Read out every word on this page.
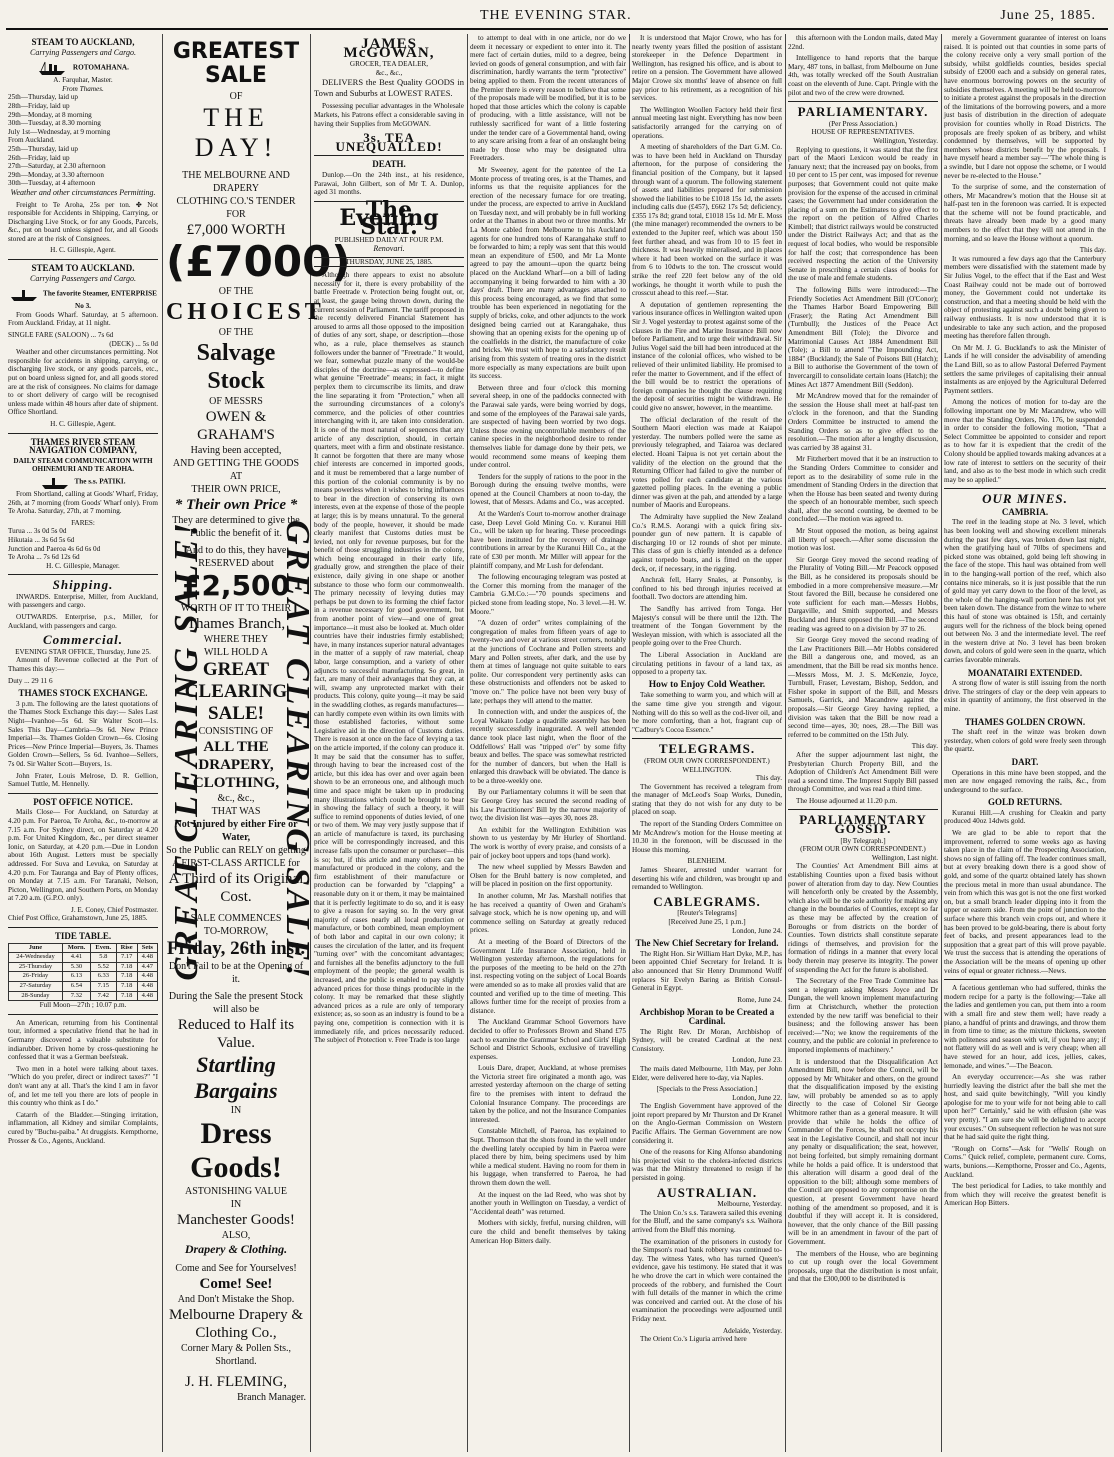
THE EVENING STAR.	June 25, 1885.
STEAM TO AUCKLAND,
Carrying Passengers and Cargo.
ROTOMAHANA.
A. Farquhar, Master.
From Thames.
25th—Thursday, laid up
28th—Friday, laid up
29th—Monday, at 8 morning
30th—Tuesday, at 8.30 morning
July 1st—Wednesday, at 9 morning
From Auckland.
25th—Thursday, laid up
26th—Friday, laid up
27th—Saturday, at 2.30 afternoon
29th—Monday, at 3.30 afternoon
30th—Tuesday, at 4 afternoon
Weather and other circumstances Permitting.

Freight to Te Aroha, 25s per ton. ✤ Not responsible for Accidents in Shipping, Carrying, or Discharging Live Stock, or for any Goods, Parcels, &c., put on board unless signed for, and all Goods stored are at the risk of Consignees.

H. C. Gillespie, Agent.
STEAM TO AUCKLAND.
Carrying Passengers and Cargo.
The favorite Steamer, ENTERPRISE No 3.

From Goods Wharf. Saturday, at 5 afternoon. From Auckland. Friday, at 11 night.

SINGLE FARE (SALOON) ... 7s 6d
(DECK) ... 5s 0d

Weather and other circumstances permitting. Not responsible for accidents in shipping, carrying, or discharging live stock, or any goods parcels, etc., put on board unless signed for, and all goods stored are at the risk of consignees. No claims for damage to or short delivery of cargo will be recognised unless made within 48 hours after date of shipment. Office Shortland.

H. C. Gillespie, Agent.
THAMES RIVER STEAM NAVIGATION COMPANY,
DAILY STEAM COMMUNICATION WITH OHINEMURI AND TE AROHA.
The s.s. PATIKI.

From Shortland, calling at Goods' Wharf, Friday, 26th, at 7 morning (from Goods' Wharf only). From Te Aroha. Saturday, 27th, at 7 morning.

FARES:
Turua ... 3s 0d 5s 0d
Hikutaia ... 3s 6d 5s 6d
Junction and Paeroa 4s 6d 6s 0d
Te Aroha ... 7s 6d 12s 6d
H. C. Gillespie, Manager.
Shipping.

INWARDS. Enterprise, Miller, from Auckland, with passengers and cargo.

OUTWARDS. Enterprise, p.s., Miller, for Auckland, with passengers and cargo.

Commercial.
EVENING STAR OFFICE, Thursday, June 25.

Amount of Revenue collected at the Port of Thames this day:—

Duty ... 29 11 6
THAMES STOCK EXCHANGE.

3 p.m. The following are the latest quotations of the Thames Stock Exchange this day:— Sales Last Night—Ivanhoe—5s 6d. Sir Walter Scott—1s. Sales This Day—Cambria—9s 6d. New Prince Imperial—3s. Thames Golden Crown—6s. Closing Prices—New Prince Imperial—Buyers, 3s. Thames Golden Crown—Sellers, 5s 6d. Ivanhoe—Sellers, 7s 0d. Sir Walter Scott—Buyers, 1s.

John Frater, Louis Melrose, D. R. Gellion, Samuel Tuttle, M. Hennelly.

POST OFFICE NOTICE.

Mails Close— For Auckland, on Saturday at 4.20 p.m. For Paeroa, Te Aroha, &c., to-morrow at 7.15 a.m. For Sydney direct, on Saturday at 4.20 p.m. For United Kingdom, &c., per direct steamer Ionic, on Saturday, at 4.20 p.m.—Due in London about 16th August. Letters must be specially addressed. For Suva and Levuka, on Saturday at 4.20 p.m. For Tauranga and Bay of Plenty offices, on Monday at 7.15 a.m. For Taranaki, Nelson, Picton, Wellington, and Southern Ports, on Monday at 7.20 a.m. (G.P.O. only).

J. E. Coney, Chief Postmaster.
Chief Post Office, Grahamstown, June 25, 1885.
TIDE TABLE.
June	Morn.	Even.	Rise	Sets
24-Wednesday	4.41	5.8	7.17	4.48
25-Thursday	5.30	5.52	7.18	4.47
26-Friday	6.13	6.33	7.18	4.48
27-Saturday	6.54	7.15	7.18	4.48
28-Sunday	7.32	7.42	7.18	4.48
Full Moon—27th ; 10.07 p.m.

An American, returning from his Continental tour, informed a speculative friend that he had in Germany discovered a valuable substitute for indiarubber. Driven home by cross-questioning he confessed that it was a German beefsteak.

Two men in a hotel were talking about taxes. "Which do you prefer, direct or indirect taxes?" "I don't want any at all. That's the kind I am in favor of, and let me tell you there are lots of people in this country who think as I do."

Catarrh of the Bladder.—Stinging irritation, inflammation, all Kidney and similar Complaints, cured by "Buchu-paiba." At druggists. Kempthorne, Prosser & Co., Agents, Auckland.

GREATEST SALE
OF
THE DAY!
THE MELBOURNE AND DRAPERY
CLOTHING CO.'S TENDER
FOR
£7,000 WORTH
(£7000)
OF THE
CHOICEST
OF THE
Salvage Stock
OF MESSRS
OWEN & GRAHAM'S
Having been accepted,
AND GETTING THE GOODS AT
THEIR OWN PRICE,
* Their own Price *
They are determined to give the Public the benefit of it.
And to do this, they have RESERVED about
£2,500
WORTH OF IT TO THEIR
Thames Branch,
WHERE THEY
WILL HOLD A
GREAT
CLEARING
SALE!
CONSISTING OF
ALL THE DRAPERY,
CLOTHING,
&c., &c.,
THAT WAS
Not Injured by either Fire or Water,
So the Public can RELY on getting A FIRST-CLASS ARTICLE for
A Third of its Original Cost.
SALE COMMENCES
TO-MORROW,
Friday, 26th inst.
Don't Fail to be at the Opening of it.
During the Sale the present Stock will also be
Reduced to Half its Value.
Startling
Bargains
IN
Dress Goods!
ASTONISHING VALUE
IN
Manchester Goods!
ALSO,
Drapery & Clothing.
Come and See for Yourselves!
Come! See!
And Don't Mistake the Shop.
Melbourne Drapery & Clothing Co.,
Corner Mary & Pollen Sts., Shortland.
J. H. FLEMING,
Branch Manager.
GREAT CLEARING SALE! GREAT CLEARING SALE!
JAMES McGOWAN,
GROCER, TEA DEALER,
&c., &c.,

DELIVERS the Best Quality GOODS in Town and Suburbs at LOWEST RATES.

Possessing peculiar advantages in the Wholesale Markets, his Patrons effect a considerable saving in having their Supplies from McGOWAN.

3s. TEA UNEQUALLED!
DEATH.

Dunlop.—On the 24th inst., at his residence, Parawai, John Gilbert, son of Mr T. A. Dunlop, aged 31 months.

The Evening Star.
PUBLISHED DAILY AT FOUR P.M.
Renovari.
THURSDAY, JUNE 25, 1885.

Although there appears to exist no absolute necessity for it, there is every probability of the battle Freetrade v. Protection being fought out, or, at least, the gauge being thrown down, during the current session of Parliament. The tariff proposed in the recently delivered Financial Statement has aroused to arms all those opposed to the imposition of duties of any sort, shape, or description—those who, as a rule, place themselves as staunch followers under the banner of "Freetrade." It would, we fear, somewhat puzzle many of the would-be disciples of the doctrine—as expressed—to define what genuine "Freetrade" means; in fact, it might perplex them to circumscribe its limits, and draw the line separating it from "Protection," when all the surrounding circumstances of a colony's commerce, and the policies of other countries interchanging with it, are taken into consideration. It is one of the most natural of sequences that any article of any description, should, in certain quarters, meet with a firm and obstinate resistance. It cannot be forgotten that there are many whose chief interests are concerned in imported goods, and it must be remembered that a large number of this portion of the colonial community is by no means powerless when it wishes to bring influences to bear in the direction of conserving its own interests, even at the expense of those of the people at large; this is by means unnatural. To the general body of the people, however, it should be made clearly manifest that Customs duties must be levied, not only for revenue purposes, but for the benefit of those struggling industries in the colony, which being encouraged in their early life, gradually grow, and strengthen the place of their existence, daily giving in one shape or another substance to those who form our commonwealth. The primary necessity of levying duties may perhaps be put down to its forming the chief factor in a revenue necessary for good government, but from another point of view—and one of great importance—it must also be looked at. Much older countries have their industries firmly established; have, in many instances superior natural advantages in the matter of a supply of raw material, cheap labor, large consumption, and a variety of other adjuncts to successful manufacturing. So great, in fact, are many of their advantages that they can, at will, swamp any unprotected market with their products. This colony, quite young—it may be said in the swaddling clothes, as regards manufactures—can hardly compete even within its own limits with those established factories, without some Legislative aid in the direction of Customs duties. There is reason at once on the face of levying a tax on the article imported, if the colony can produce it. It may be said that the consumer has to suffer, through having to bear the increased cost of the article, but this idea has over and over again been shown to be an erroneous one, and although much time and space might be taken up in producing many illustrations which could be brought to bear in showing the fallacy of such a theory, it will suffice to remind opponents of duties levied, of one or two of them. We may very justly suppose that if an article of manufacture is taxed, its purchasing price will be correspondingly increased, and this increase falls upon the consumer or purchaser—this is so; but, if this article and many others can be manufactured or produced in the colony, and the firm establishment of their manufacture or production can be forwarded by "clapping" a reasonable duty on it or them, it may be maintained that it is perfectly legitimate to do so, and it is easy to give a reason for saying so. In the very great majority of cases nearly all local production or manufacture, or both combined, mean employment of both labor and capital in our own colony; it causes the circulation of the latter, and its frequent "turning over" with the concomitant advantages; and furnishes all the benefits adjunctory to the full employment of the people; the general wealth is increased, and the public is enabled to pay slightly advanced prices for those things producible in the colony. It may be remarked that these slightly advanced prices as a rule are only of temporary existence; as, so soon as an industry is found to be a paying one, competition is connection with it is immediately rife, and prices necessarily reduced. The subject of Protection v. Free Trade is too large

to attempt to deal with in one article, nor do we deem it necessary or expedient to enter into it. The mere fact of certain duties, mild to a degree, being levied on goods of general consumption, and with fair discrimination, hardly warrants the term "protective" being applied to them. From the recent utterances of the Premier there is every reason to believe that some of the proposals made will be modified, but it is to be hoped that those articles which the colony is capable of producing, with a little assistance, will not be ruthlessly sacrificed for want of a little fostering under the tender care of a Governmental hand, owing to any scare arising from a fear of an onslaught being made by those who may be designated ultra Freetraders.

Mr Sweeney, agent for the patentee of the La Monte process of treating ores, is at the Thames, and informs us that the requisite appliances for the erection of the necessary furnace for ore treating, under the process, are expected to arrive in Auckland on Tuesday next, and will probably be in full working order at the Thames in about two or three months. Mr La Monte cabled from Melbourne to his Auckland agents for one hundred tons of Karangahake stuff to be forwarded to him; a reply was sent that this would mean an expenditure of £500, and Mr La Monte agreed to pay the amount—upon the quartz being placed on the Auckland Wharf—on a bill of lading accompanying it being forwarded to him with a 30 days' draft. There are many advantages attached to this process being encouraged, as we find that some trouble has been experienced in negotiating for the supply of bricks, coke, and other adjuncts to the work designed being carried out at Karangahake, thus showing that an opening exists for the opening up of the coalfields in the district, the manufacture of coke and bricks. We trust with hope to a satisfactory result arising from this system of treating ores in the district more especially as many expectations are built upon its success.

Between three and four o'clock this morning several sheep, in one of the paddocks connected with the Parawai sale yards, were being worried by dogs, and some of the employees of the Parawai sale yards, are suspected of having been worried by two dogs. Unless those owning uncontrollable members of the canine species in the neighborhood desire to render themselves liable for damage done by their pets, we would recommend some means of keeping them under control.

Tenders for the supply of rations to the poor in the Borough during the ensuing twelve months, were opened at the Council Chambers at noon to-day, the lowest, that of Messrs. Adams and Co., was accepted.

At the Warden's Court to-morrow another drainage case, Deep Level Gold Mining Co. v. Kuranui Hill Co., will be taken up for hearing. These proceedings have been instituted for the recovery of drainage contributions in arrear by the Kuranui Hill Co., at the rate of £30 per month. Mr Miller will appear for the plaintiff company, and Mr Lush for defendant.

The following encouraging telegram was posted at the Corner this morning from the manager of the Cambria G.M.Co.:—"70 pounds specimens and picked stone from leading stope, No. 3 level.—H. W. Moore."

"A dozen of order" writes complaining of the congregation of males from fifteen years of age to twenty-two and over at various street corners, notably at the junctions of Cochrane and Pollen streets and Mary and Pollen streets, after dark, and the use by them at times of language not quite suitable to ears polite. Our correspondent very pertinently asks can these obstructionists and offenders not be asked to "move on." The police have not been very busy of late; perhaps they will attend to the matter.

In connection with, and under the auspices of, the Loyal Waikato Lodge a quadrille assembly has been recently successfully inaugurated. A well attended dance took place last night, when the floor of the Oddfellows' Hall was "tripped o'er" by some fifty beaux and belles. The space was somewhat restricted for the number of dancers, but when the Hall is enlarged this drawback will be obviated. The dance is to be a three-weekly one.

By our Parliamentary columns it will be seen that Sir George Grey has secured the second reading of his Law Practitioners' Bill by the narrow majority of two; the division list was—ayes 30, noes 28.

An exhibit for the Wellington Exhibition was shown to us yesterday by Mr Hurley of Shortland. The work is worthy of every praise, and consists of a pair of jockey boot uppers and tops (hand work).

The new wheel supplied by Messrs Bawden and Olsen for the Bruhl battery is now completed, and will be placed in position on the first opportunity.

In another column, Mr Jas. Marshall notifies that he has received a quantity of Owen and Graham's salvage stock, which he is now opening up, and will commence selling on Saturday at greatly reduced prices.

At a meeting of the Board of Directors of the Government Life Insurance Association, held in Wellington yesterday afternoon, the regulations for the purposes of the meeting to be held on the 27th inst. respecting voting on the subject of Local Boards were amended so as to make all proxies valid that are counted and verified up to the time of meeting. This allows further time for the receipt of proxies from a distance.

The Auckland Grammar School Governors have decided to offer to Professors Brown and Shand £75 each to examine the Grammar School and Girls' High School and District Schools, exclusive of travelling expenses.

Louis Dare, draper, Auckland, at whose premises the Victoria street fire originated a month ago, was arrested yesterday afternoon on the charge of setting fire to the premises with intent to defraud the Colonial Insurance Company. The proceedings are taken by the police, and not the Insurance Companies interested.

Constable Mitchell, of Paeroa, has explained to Supt. Thomson that the shots found in the well under the dwelling lately occupied by him in Paeroa were placed there by him, being specimens used by him while a medical student. Having no room for them in his luggage, when transferred to Paeroa, he had thrown them down the well.

At the inquest on the lad Reed, who was shot by another youth in Wellington on Tuesday, a verdict of "Accidental death" was returned.

Mothers with sickly, fretful, nursing children, will cure the child and benefit themselves by taking American Hop Bitters daily.

It is understood that Major Crowe, who has for nearly twenty years filled the position of assistant storekeeper in the Defence Department in Wellington, has resigned his office, and is about to retire on a pension. The Government have allowed Major Crowe six months' leave of absence on full pay prior to his retirement, as a recognition of his services.

The Wellington Woollen Factory held their first annual meeting last night. Everything has now been satisfactorily arranged for the carrying on of operations.

A meeting of shareholders of the Dart G.M. Co. was to have been held in Auckland on Thursday afternoon, for the purpose of considering the financial position of the Company, but it lapsed through want of a quorum. The following statement of assets and liabilities prepared for submission showed the liabilities to be £1018 15s 1d, the assets including calls due (£457), £662 17s 5d; deficiency, £355 17s 8d; grand total, £1018 15s 1d. Mr E. Moss (the mine manager) recommended the owners to be extended to the Jupiter reef, which was about 150 feet further ahead, and was from 10 to 15 feet in thickness. It was heavily mineralised, and in places where it had been worked on the surface it was from 6 to 10dwts to the ton. The crosscut would strike the reef 220 feet below any of the old workings, he thought it worth while to push the crosscut ahead to this reef.—Star.

A deputation of gentlemen representing the various insurance offices in Wellington waited upon Sir J. Vogel yesterday to protest against some of the clauses in the Fire and Marine Insurance Bill now before Parliament, and to urge their withdrawal. Sir Julius Vogel said the bill had been introduced at the instance of the colonial offices, who wished to be relieved of their unlimited liability. He promised to refer the matter to Government, and if the effect of the bill would be to restrict the operations of foreign companies he thought the clause requiring the deposit of securities might be withdrawn. He could give no answer, however, in the meantime.

The official declaration of the result of the Southern Maori election was made at Kaiapoi yesterday. The numbers polled were the same as previously telegraphed, and Taiaroa was declared elected. Hoani Taipua is not yet certain about the validity of the election on the ground that the Returning Officer had failed to give the number of votes polled for each candidate at the various gazetted polling places. In the evening a public dinner was given at the pah, and attended by a large number of Maoris and Europeans.

The Admiralty have supplied the New Zealand Co.'s R.M.S. Aorangi with a quick firing six-pounder gun of new pattern. It is capable of discharging 10 or 12 rounds of shot per minute. This class of gun is chiefly intended as a defence against torpedo boats, and is fitted on the upper deck, or, if necessary, in the rigging.

Anchrak fell, Harry Snales, at Ponsonby, is confined to his bed through injuries received at football. Two doctors are attending him.

The Sandfly has arrived from Tonga. Her Majesty's consul will be there until the 12th. The treatment of the Tongan Government by the Wesleyan mission, with which is associated all the people going over to the Free Church.

The Liberal Association in Auckland are circulating petitions in favour of a land tax, as opposed to a property tax.

How to Enjoy Cold Weather.

Take something to warm you, and which will at the same time give you strength and vigour. Nothing will do this so well as the cod-liver oil, and be more comforting, than a hot, fragrant cup of "Cadbury's Cocoa Essence."

TELEGRAMS.
(FROM OUR OWN CORRESPONDENT.)
WELLINGTON.
This day.

The Government has received a telegram from the manager of McLeod's Soap Works, Dunedin, stating that they do not wish for any duty to be placed on soap.

The report of the Standing Orders Committee on Mr McAndrew's motion for the House meeting at 10.30 in the forenoon, will be discussed in the House this morning.

BLENHEIM.

James Shearer, arrested under warrant for deserting his wife and children, was brought up and remanded to Wellington.

CABLEGRAMS.
[Reuter's Telegrams]
[Received June 25, 1 p.m.]
London, June 24.
The New Chief Secretary for Ireland.

The Right Hon. Sir William Hart Dyke, M.P., has been appointed Chief Secretary for Ireland. It is also announced that Sir Henry Drummond Wolff replaces Sir Evelyn Baring as British Consul-General in Egypt.

Rome, June 24.
Archbishop Moran to be Created a Cardinal.

The Right Rev. Dr Moran, Archbishop of Sydney, will be created Cardinal at the next Consistory.

London, June 23.

The mails dated Melbourne, 11th May, per John Elder, were delivered here to-day, via Naples.

[Specials to the Press Association.]
London, June 22.

The English Government have approved of the joint report prepared by Mr Thurston and Dr Kranel on the Anglo-German Commission on Western Pacific Affairs. The German Government are now considering it.

One of the reasons for King Alfonso abandoning his projected visit to the cholera-infected districts was that the Ministry threatened to resign if he persisted in going.

AUSTRALIAN.
Melbourne, Yesterday.

The Union Co.'s s.s. Tarawera sailed this evening for the Bluff, and the same company's s.s. Waihora arrived from the Bluff this morning.

The examination of the prisoners in custody for the Simpson's road bank robbery was continued to-day. The witness Yates, who has turned Queen's evidence, gave his testimony. He stated that it was he who drove the cart in which were contained the proceeds of the robbery, and furnished the Court with full details of the manner in which the crime was conceived and carried out. At the close of his examination the proceedings were adjourned until Friday next.

Adelaide, Yesterday.

The Orient Co.'s Liguria arrived here

this afternoon with the London mails, dated May 22nd.

Intelligence to hand reports that the barque Mary, 487 tons, in ballast, from Melbourne on June 4th, was totally wrecked off the South Australian coast on the eleventh of June. Capt. Pringle with the pilot and two of the crew were drowned.

PARLIAMENTARY.
(Per Press Association.)
HOUSE OF REPRESENTATIVES.
Wellington, Yesterday.

Replying to questions, it was stated that the first part of the Maori Lexicon would be ready in January next; that the increased pay on books, from 10 per cent to 15 per cent, was imposed for revenue purposes; that Government could not quite make provision for the expense of the accused in criminal cases; the Government had under consideration the placing of a sum on the Estimates to give effect to the report on the petition of Alfred Charles Kimbell; that district railways would be constructed under the District Railways Act; and that as the request of local bodies, who would be responsible for half the cost; that correspondence has been received respecting the action of the University Senate in prescribing a certain class of books for the use of male and female students.

The following Bills were introduced:—The Friendly Societies Act Amendment Bill (O'Conor); the Thames Harbor Board Empowering Bill (Fraser); the Rating Act Amendment Bill (Turnbull); the Justices of the Peace Act Amendment Bill (Tole); the Divorce and Matrimonial Causes Act 1884 Amendment Bill (Tole); a Bill to amend "The Impounding Act, 1884" (Buckland); the Sale of Poisons Bill (Hatch); a Bill to authorise the Government of the town of Invercargill to consolidate certain loans (Hatch); the Mines Act 1877 Amendment Bill (Seddon).

Mr McAndrew moved that for the remainder of the session the House shall meet at half-past ten o'clock in the forenoon, and that the Standing Orders Committee be instructed to amend the Standing Orders so as to give effect to the resolution.—The motion after a lengthy discussion, was carried by 38 against 31.

Mr Fitzherbert moved that it be an instruction to the Standing Orders Committee to consider and report as to the desirability of some rule in the amendment of Standing Orders in the direction that when the House has been seated and twenty during the speech of an honourable member, such speech shall, after the second counting, be deemed to be concluded.—The motion was agreed to.

Mr Stout opposed the motion, as being against all liberty of speech.—After some discussion the motion was lost.

Sir George Grey moved the second reading of the Plurality of Voting Bill.—Mr Peacock opposed the Bill, as he considered its proposals should be embodied in a more comprehensive measure.—Mr Stout favored the Bill, because he considered one vote sufficient for each man.—Messrs Hobbs, Dargaville, and Smith supported, and Messrs Buckland and Hurst opposed the Bill.—The second reading was agreed to on a division by 37 to 26.

Sir George Grey moved the second reading of the Law Practitioners Bill.—Mr Hobbs considered the Bill a dangerous one, and moved, as an amendment, that the Bill be read six months hence.—Messrs Moss, M. J. S. McKenzie, Joyce, Turnbull, Fraser, Levestam, Bishop, Seddon, and Fisher spoke in support of the Bill, and Messrs Samuels, Garrick, and Macandrew against the proposals.—Sir George Grey having replied, a division was taken that the Bill be now read a second time—ayes, 30; noes, 28.—The Bill was referred to be committed on the 15th July.

This day.

After the supper adjournment last night, the Presbyterian Church Property Bill, and the Adoption of Children's Act Amendment Bill were read a second time. The Imprest Supply Bill passed through Committee, and was read a third time.

The House adjourned at 11.20 p.m.

PARLIAMENTARY GOSSIP.
[By Telegraph.]
(FROM OUR OWN CORRESPONDENT.)
Wellington, Last night.

The Counties' Act Amendment Bill aims at establishing Counties upon a fixed basis without power of alteration from day to day. New Counties will henceforth only be created by the Assembly, which also will be the sole authority for making any change in the boundaries of Counties, except so far as these may be affected by the creation of Boroughs or from districts on the border of Counties. Town districts shall constitute separate ridings of themselves, and provision for the formation of ridings in a manner that every local body therein may preserve its integrity. The power of suspending the Act for the future is abolished.

The Secretary of the Free Trade Committee has sent a telegram asking Messrs Joyce and Dr Dungan, the well known implement manufacturing firm at Christchurch, whether the protection extended by the new tariff was beneficial to their business; and the following answer has been received:—"No; we know the requirements of the country, and the public are colonial in preference to imported implements of machinery."

It is understood that the Disqualification Act Amendment Bill, now before the Council, will be opposed by Mr Whitaker and others, on the ground that the disqualification imposed by the existing law, will probably be amended so as to apply directly to the case of Colonel Sir George Whitmore rather than as a general measure. It will provide that while he holds the office of Commander of the Forces, he shall not occupy his seat in the Legislative Council, and shall not incur any penalty or disqualification; the seat, however, not being forfeited, but simply remaining dormant while he holds a paid office. It is understood that this alteration will disarm a good deal of the opposition to the bill; although some members of the Council are opposed to any compromise on the question, at present Government have heard nothing of the amendment so proposed, and it is doubtful if they will accept it. It is considered, however, that the only chance of the Bill passing will be in an amendment in favour of the part of Government.

The members of the House, who are beginning to cut up rough over the local Government proposals, urge that the distribution is most unfair, and that the £300,000 to be distributed is

merely a Government guarantee of interest on loans raised. It is pointed out that counties in some parts of the colony receive only a very small portion of the subsidy, whilst goldfields counties, besides special subsidy of £2000 each and a subsidy on general rates, have enormous borrowing powers on the security of subsidies themselves. A meeting will be held to-morrow to initiate a protest against the proposals in the direction of the limitations of the borrowing powers, and a more just basis of distribution in the direction of adequate provision for counties wholly in Road Districts. The proposals are freely spoken of as bribery, and whilst condemned by themselves, will be supported by members whose districts benefit by the proposals. I have myself heard a member say—"The whole thing is a swindle, but I dare not oppose the scheme, or I would never be re-elected to the House."

To the surprise of some, and the consternation of others, Mr Macandrew's motion that the House sit at half-past ten in the forenoon was carried. It is expected that the scheme will not be found practicable, and threats have already been made by a good many members to the effect that they will not attend in the morning, and so leave the House without a quorum.

This day.

It was rumoured a few days ago that the Canterbury members were dissatisfied with the statement made by Sir Julius Vogel, to the effect that if the East and West Coast Railway could not be made out of borrowed money, the Government could not undertake its construction, and that a meeting should be held with the object of protesting against such a doubt being given to railway enthusiasts. It is now understood that it is undesirable to take any such action, and the proposed meeting has therefore fallen through.

On Mr M. J. G. Buckland's to ask the Minister of Lands if he will consider the advisability of amending the Land Bill, so as to allow Pastoral Deferred Payment settlers the same privileges of capitalising their annual instalments as are enjoyed by the Agricultural Deferred Payment settlers.

Among the notices of motion for to-day are the following important one by Mr Macandrew, who will move that the Standing Orders, No. 176, be suspended in order to consider the following motion, "That a Select Committee be appointed to consider and report as to how far it is expedient that the credit of the Colony should be applied towards making advances at a low rate of interest to settlers on the security of their land, and also as to the best mode in which such credit may be so applied."

OUR MINES.
CAMBRIA.

The reef in the leading stope at No. 3 level, which has been looking well and showing excellent minerals during the past few days, was broken down last night, when the gratifying haul of 70lbs of specimens and picked stone was obtained, gold being left showing in the face of the stope. This haul was obtained from well in to the hanging-wall portion of the reef, which also contains nice minerals, so it is just possible that the run of gold may yet carry down to the floor of the level, as the whole of the hanging-wall portion here has not yet been taken down. The distance from the winze to where this haul of stone was obtained is 15ft, and certainly augurs well for the richness of the block being opened out between No. 3 and the intermediate level. The reef in the western drive at No. 3 level has been broken down, and colors of gold were seen in the quartz, which carries favorable minerals.

MOANATAIRI EXTENDED.

A strong flow of water is still issuing from the north drive. The stringers of clay or the deep vein appears to exist in quantity of antimony, the first observed in the mine.

THAMES GOLDEN CROWN.

The shaft reef in the winze was broken down yesterday, when colors of gold were freely seen through the quartz.

DART.

Operations in this mine have been stopped, and the men are now engaged removing the rails, &c., from underground to the surface.

GOLD RETURNS.

Kuranui Hill.—A crushing for Cleakin and party produced 40oz 14dwts gold.

We are glad to be able to report that the improvement, referred to some weeks ago as having taken place in the claim of the Prospecting Association, shows no sign of falling off. The leader continues small, but at every breaking down there is a good show of gold, and some of the quartz obtained lately has shown the precious metal in more than usual abundance. The vein from which this was got is not the one first worked on, but a small branch leader dipping into it from the upper or eastern side. From the point of junction to the surface where this branch vein crops out, and where it has been proved to be gold-bearing, there is about forty feet of backs, and present appearances lead to the supposition that a great part of this will prove payable. We trust the success that is attending the operations of the Association will be the means of opening up other veins of equal or greater richness.—News.

A facetious gentleman who had suffered, thinks the modern recipe for a party is the following:—Take all the ladies and gentlemen you can, put them into a room with a small fire and stew them well; have ready a piano, a handful of prints and drawings, and throw them in from time to time; as the mixture thickens, sweeten with politeness and season with wit, if you have any; if not flattery will do as well and is very cheap; when all have stewed for an hour, add ices, jellies, cakes, lemonade, and wines."—The Beacon.

An everyday occurrence:—As she was rather hurriedly leaving the district after the ball she met the host, and said quite bewitchingly, "Will you kindly apologise for me to your wife for not being able to call upon her?" Certainly," said he with effusion (she was very pretty). "I am sure she will be delighted to accept your excuses." On subsequent reflection he was not sure that he had said quite the right thing.

"Rough on Corns"—Ask for "Wells' Rough on Corns." Quick relief, complete, permanent cure. Corns, warts, bunions.—Kempthorne, Prosser and Co., Agents, Auckland.

The best periodical for Ladies, to take monthly and from which they will receive the greatest benefit is American Hop Bitters.
